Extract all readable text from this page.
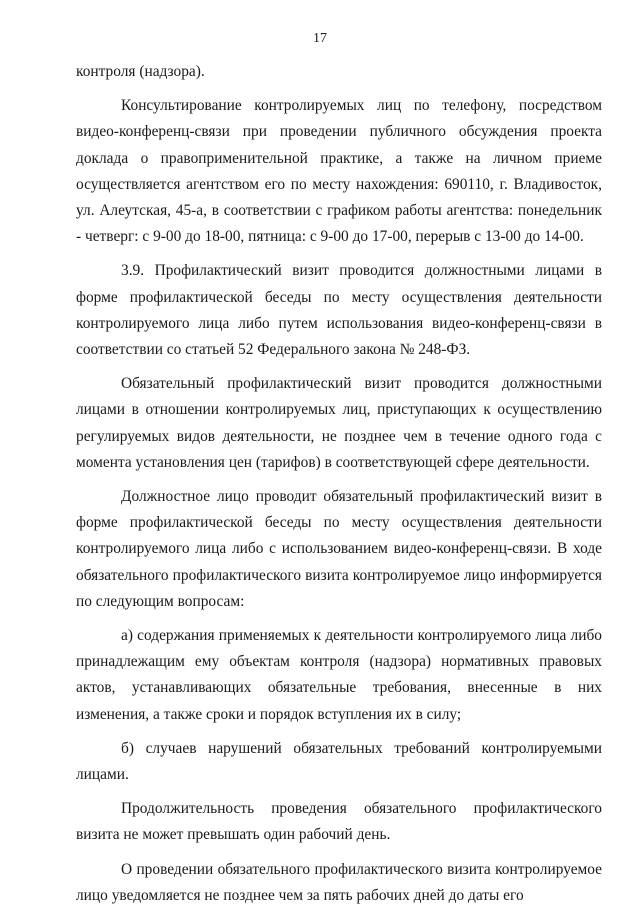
17

контроля (надзора).

Консультирование контролируемых лиц по телефону, посредством видео-конференц-связи при проведении публичного обсуждения проекта доклада о правоприменительной практике, а также на личном приеме осуществляется агентством его по месту нахождения: 690110, г. Владивосток, ул. Алеутская, 45-а, в соответствии с графиком работы агентства: понедельник - четверг: с 9-00 до 18-00, пятница: с 9-00 до 17-00, перерыв с 13-00 до 14-00.

3.9. Профилактический визит проводится должностными лицами в форме профилактической беседы по месту осуществления деятельности контролируемого лица либо путем использования видео-конференц-связи в соответствии со статьей 52 Федерального закона № 248-ФЗ.

Обязательный профилактический визит проводится должностными лицами в отношении контролируемых лиц, приступающих к осуществлению регулируемых видов деятельности, не позднее чем в течение одного года с момента установления цен (тарифов) в соответствующей сфере деятельности.

Должностное лицо проводит обязательный профилактический визит в форме профилактической беседы по месту осуществления деятельности контролируемого лица либо с использованием видео-конференц-связи. В ходе обязательного профилактического визита контролируемое лицо информируется по следующим вопросам:

а) содержания применяемых к деятельности контролируемого лица либо принадлежащим ему объектам контроля (надзора) нормативных правовых актов, устанавливающих обязательные требования, внесенные в них изменения, а также сроки и порядок вступления их в силу;

б) случаев нарушений обязательных требований контролируемыми лицами.

Продолжительность проведения обязательного профилактического визита не может превышать один рабочий день.

О проведении обязательного профилактического визита контролируемое лицо уведомляется не позднее чем за пять рабочих дней до даты его
